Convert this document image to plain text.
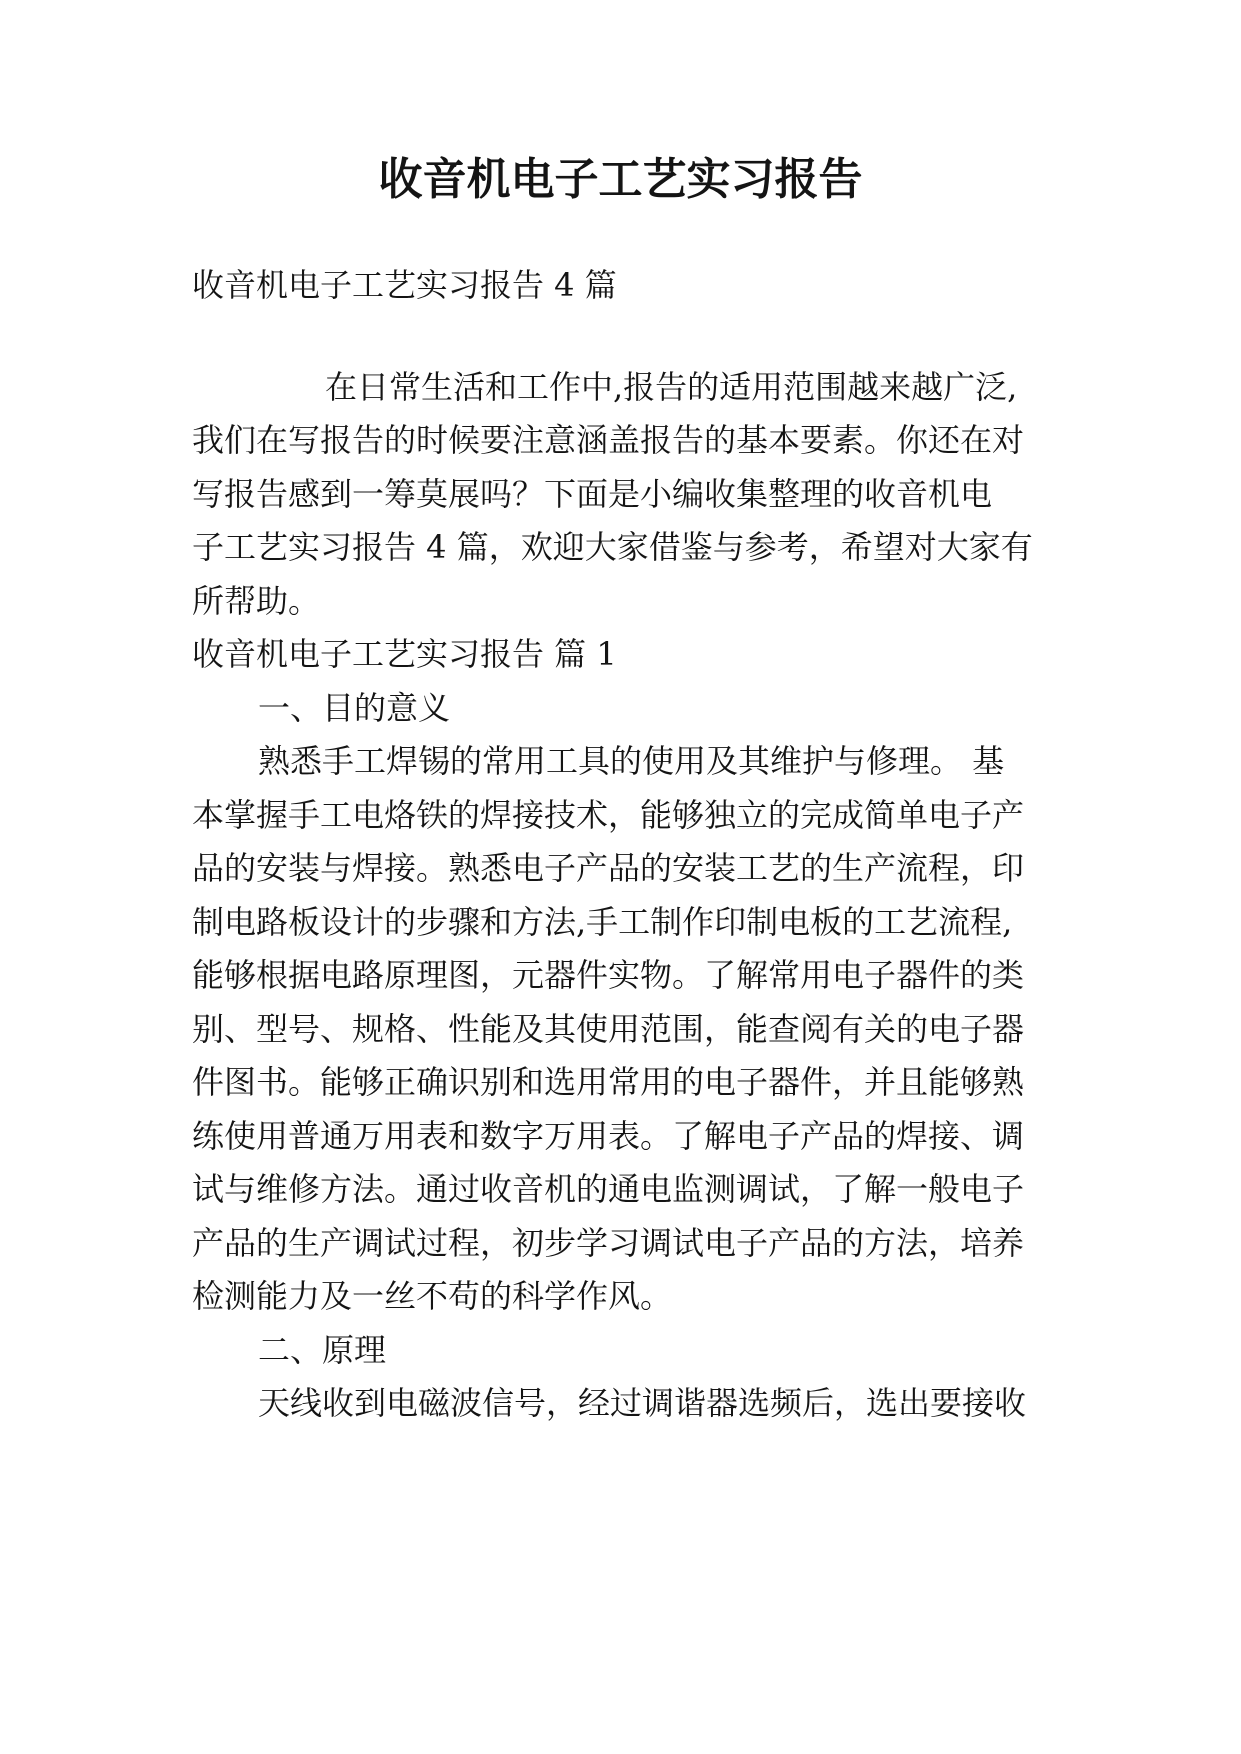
收音机电子工艺实习报告
收音机电子工艺实习报告 4 篇
在日常生活和工作中,报告的适用范围越来越广泛,
我们在写报告的时候要注意涵盖报告的基本要素。你还在对
写报告感到一筹莫展吗？下面是小编收集整理的收音机电
子工艺实习报告 4 篇，欢迎大家借鉴与参考，希望对大家有
所帮助。
收音机电子工艺实习报告 篇 1
一、目的意义
熟悉手工焊锡的常用工具的使用及其维护与修理。 基
本掌握手工电烙铁的焊接技术，能够独立的完成简单电子产
品的安装与焊接。熟悉电子产品的安装工艺的生产流程，印
制电路板设计的步骤和方法,手工制作印制电板的工艺流程,
能够根据电路原理图，元器件实物。了解常用电子器件的类
别、型号、规格、性能及其使用范围，能查阅有关的电子器
件图书。能够正确识别和选用常用的电子器件，并且能够熟
练使用普通万用表和数字万用表。了解电子产品的焊接、调
试与维修方法。通过收音机的通电监测调试，了解一般电子
产品的生产调试过程，初步学习调试电子产品的方法，培养
检测能力及一丝不苟的科学作风。
二、原理
天线收到电磁波信号，经过调谐器选频后，选出要接收
